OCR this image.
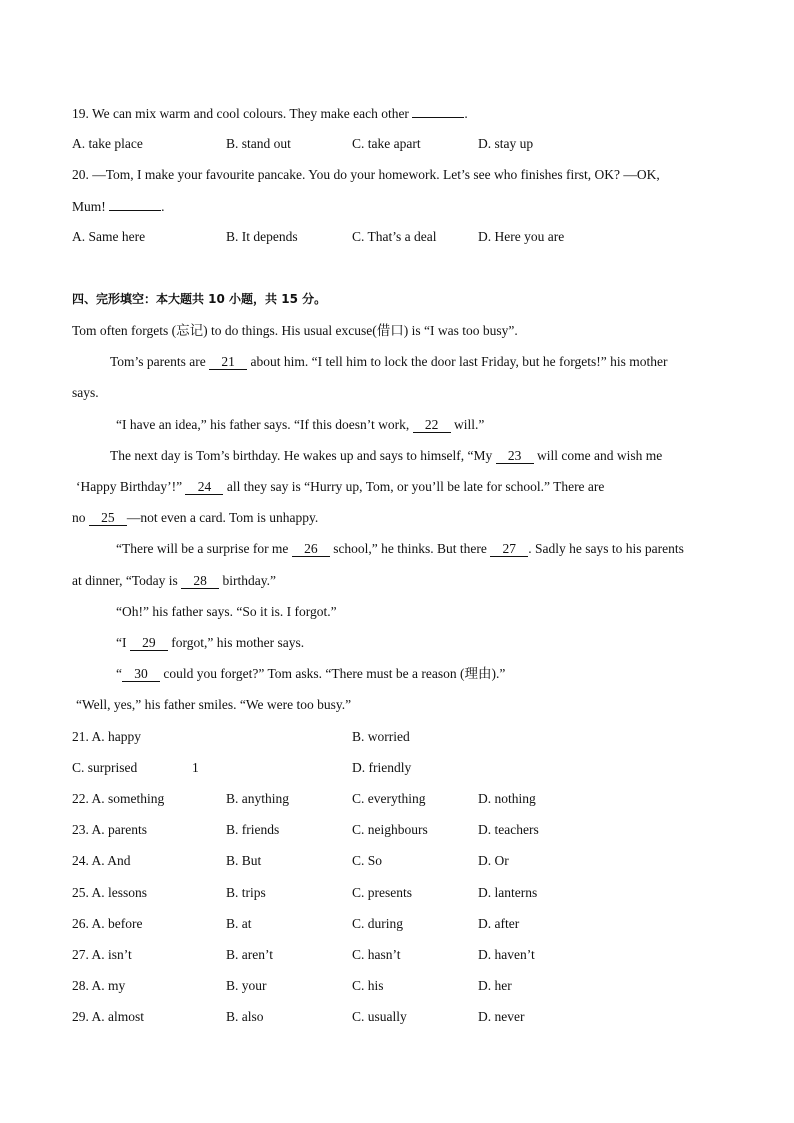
19. We can mix warm and cool colours. They make each other	.
A. take place	B. stand out	C. take apart	D. stay up
20. —Tom, I make your favourite pancake. You do your homework. Let’s see who finishes first, OK? —OK,
Mum!	.
A. Same here	B. It depends	C. That’s a deal	D. Here you are
四、完形填空：本大题共 10 小题，共 15 分。
Tom often forgets (忘记) to do things. His usual excuse(借口) is “I was too busy”.
Tom’s parents are 21 about him. “I tell him to lock the door last Friday, but he forgets!” his mother
says.
“I have an idea,” his father says. “If this doesn’t work, 22 will.”
The next day is Tom’s birthday. He wakes up and says to himself, “My 23 will come and wish me
‘Happy Birthday’!” 24 all they say is “Hurry up, Tom, or you’ll be late for school.” There are
no 25 —not even a card. Tom is unhappy.
“There will be a surprise for me 26 school,” he thinks. But there 27 . Sadly he says to his parents
at dinner, “Today is 28 birthday.”
“Oh!” his father says. “So it is. I forgot.”
“I 29 forgot,” his mother says.
“ 30 could you forget?” Tom asks. “There must be a reason (理由).”
“Well, yes,” his father smiles. “We were too busy.”
21. A. happy	B. worried
C. surprised	1	D. friendly
22. A. something	B. anything	C. everything	D. nothing
23. A. parents	B. friends	C. neighbours	D. teachers
24. A. And	B. But	C. So	D. Or
25. A. lessons	B. trips	C. presents	D. lanterns
26. A. before	B. at	C. during	D. after
27. A. isn’t	B. aren’t	C. hasn’t	D. haven’t
28. A. my	B. your	C. his	D. her
29. A. almost	B. also	C. usually	D. never
